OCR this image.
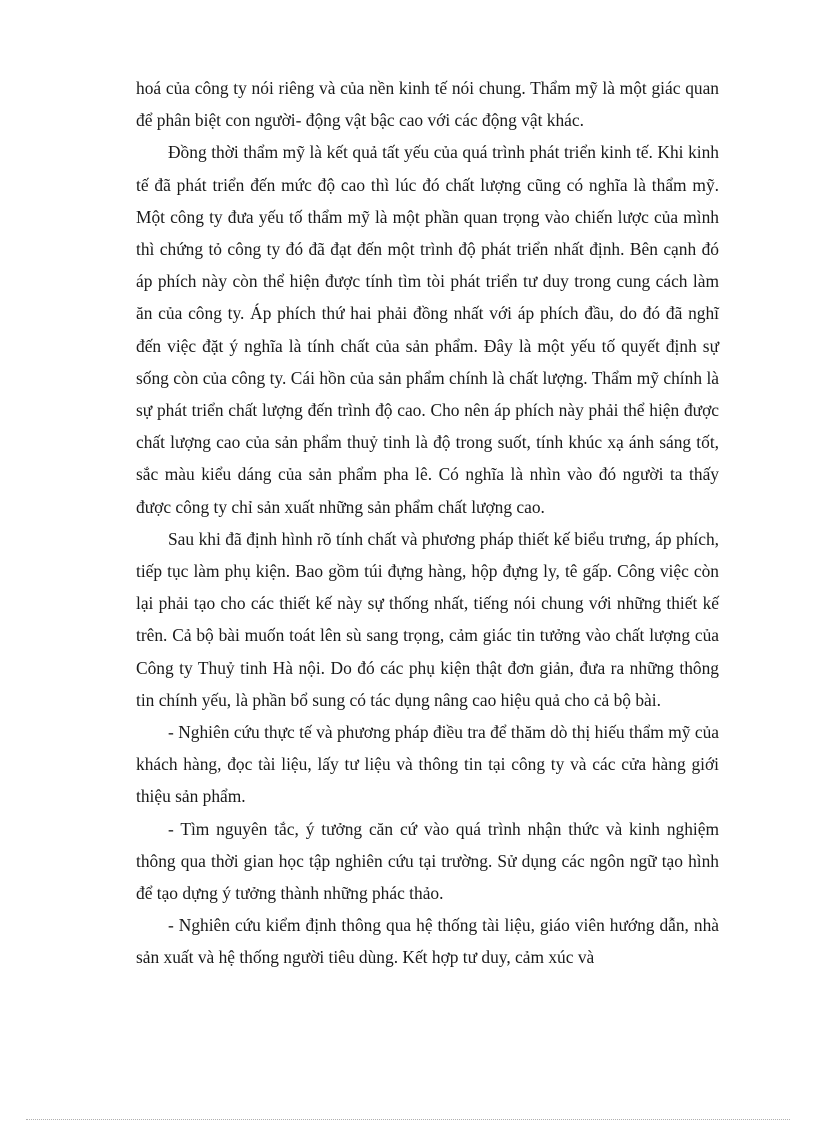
hoá của công ty nói riêng và của nền kinh tế nói chung. Thẩm mỹ là một giác quan để phân biệt con người- động vật bậc cao với các động vật khác.

Đồng thời thẩm mỹ là kết quả tất yếu của quá trình phát triển kinh tế. Khi kinh tế đã phát triển đến mức độ cao thì lúc đó chất lượng cũng có nghĩa là thẩm mỹ. Một công ty đưa yếu tố thẩm mỹ là một phần quan trọng vào chiến lược của mình thì chứng tỏ công ty đó đã đạt đến một trình độ phát triển nhất định. Bên cạnh đó áp phích này còn thể hiện được tính tìm tòi phát triển tư duy trong cung cách làm ăn của công ty. Áp phích thứ hai phải đồng nhất với áp phích đầu, do đó đã nghĩ đến việc đặt ý nghĩa là tính chất của sản phẩm. Đây là một yếu tố quyết định sự sống còn của công ty. Cái hồn của sản phẩm chính là chất lượng. Thẩm mỹ chính là sự phát triển chất lượng đến trình độ cao. Cho nên áp phích này phải thể hiện được chất lượng cao của sản phẩm thuỷ tinh là độ trong suốt, tính khúc xạ ánh sáng tốt, sắc màu kiểu dáng của sản phẩm pha lê. Có nghĩa là nhìn vào đó người ta thấy được công ty chỉ sản xuất những sản phẩm chất lượng cao.

Sau khi đã định hình rõ tính chất và phương pháp thiết kế biểu trưng, áp phích, tiếp tục làm phụ kiện. Bao gồm túi đựng hàng, hộp đựng ly, tê gấp. Công việc còn lại phải tạo cho các thiết kế này sự thống nhất, tiếng nói chung với những thiết kế trên. Cả bộ bài muốn toát lên sù sang trọng, cảm giác tin tưởng vào chất lượng của Công ty Thuỷ tinh Hà nội. Do đó các phụ kiện thật đơn giản, đưa ra những thông tin chính yếu, là phần bổ sung có tác dụng nâng cao hiệu quả cho cả bộ bài.

- Nghiên cứu thực tế và phương pháp điều tra để thăm dò thị hiếu thẩm mỹ của khách hàng, đọc tài liệu, lấy tư liệu và thông tin tại công ty và các cửa hàng giới thiệu sản phẩm.

- Tìm nguyên tắc, ý tưởng căn cứ vào quá trình nhận thức và kinh nghiệm thông qua thời gian học tập nghiên cứu tại trường. Sử dụng các ngôn ngữ tạo hình để tạo dựng ý tưởng thành những phác thảo.

- Nghiên cứu kiểm định thông qua hệ thống tài liệu, giáo viên hướng dẫn, nhà sản xuất và hệ thống người tiêu dùng. Kết hợp tư duy, cảm xúc và
